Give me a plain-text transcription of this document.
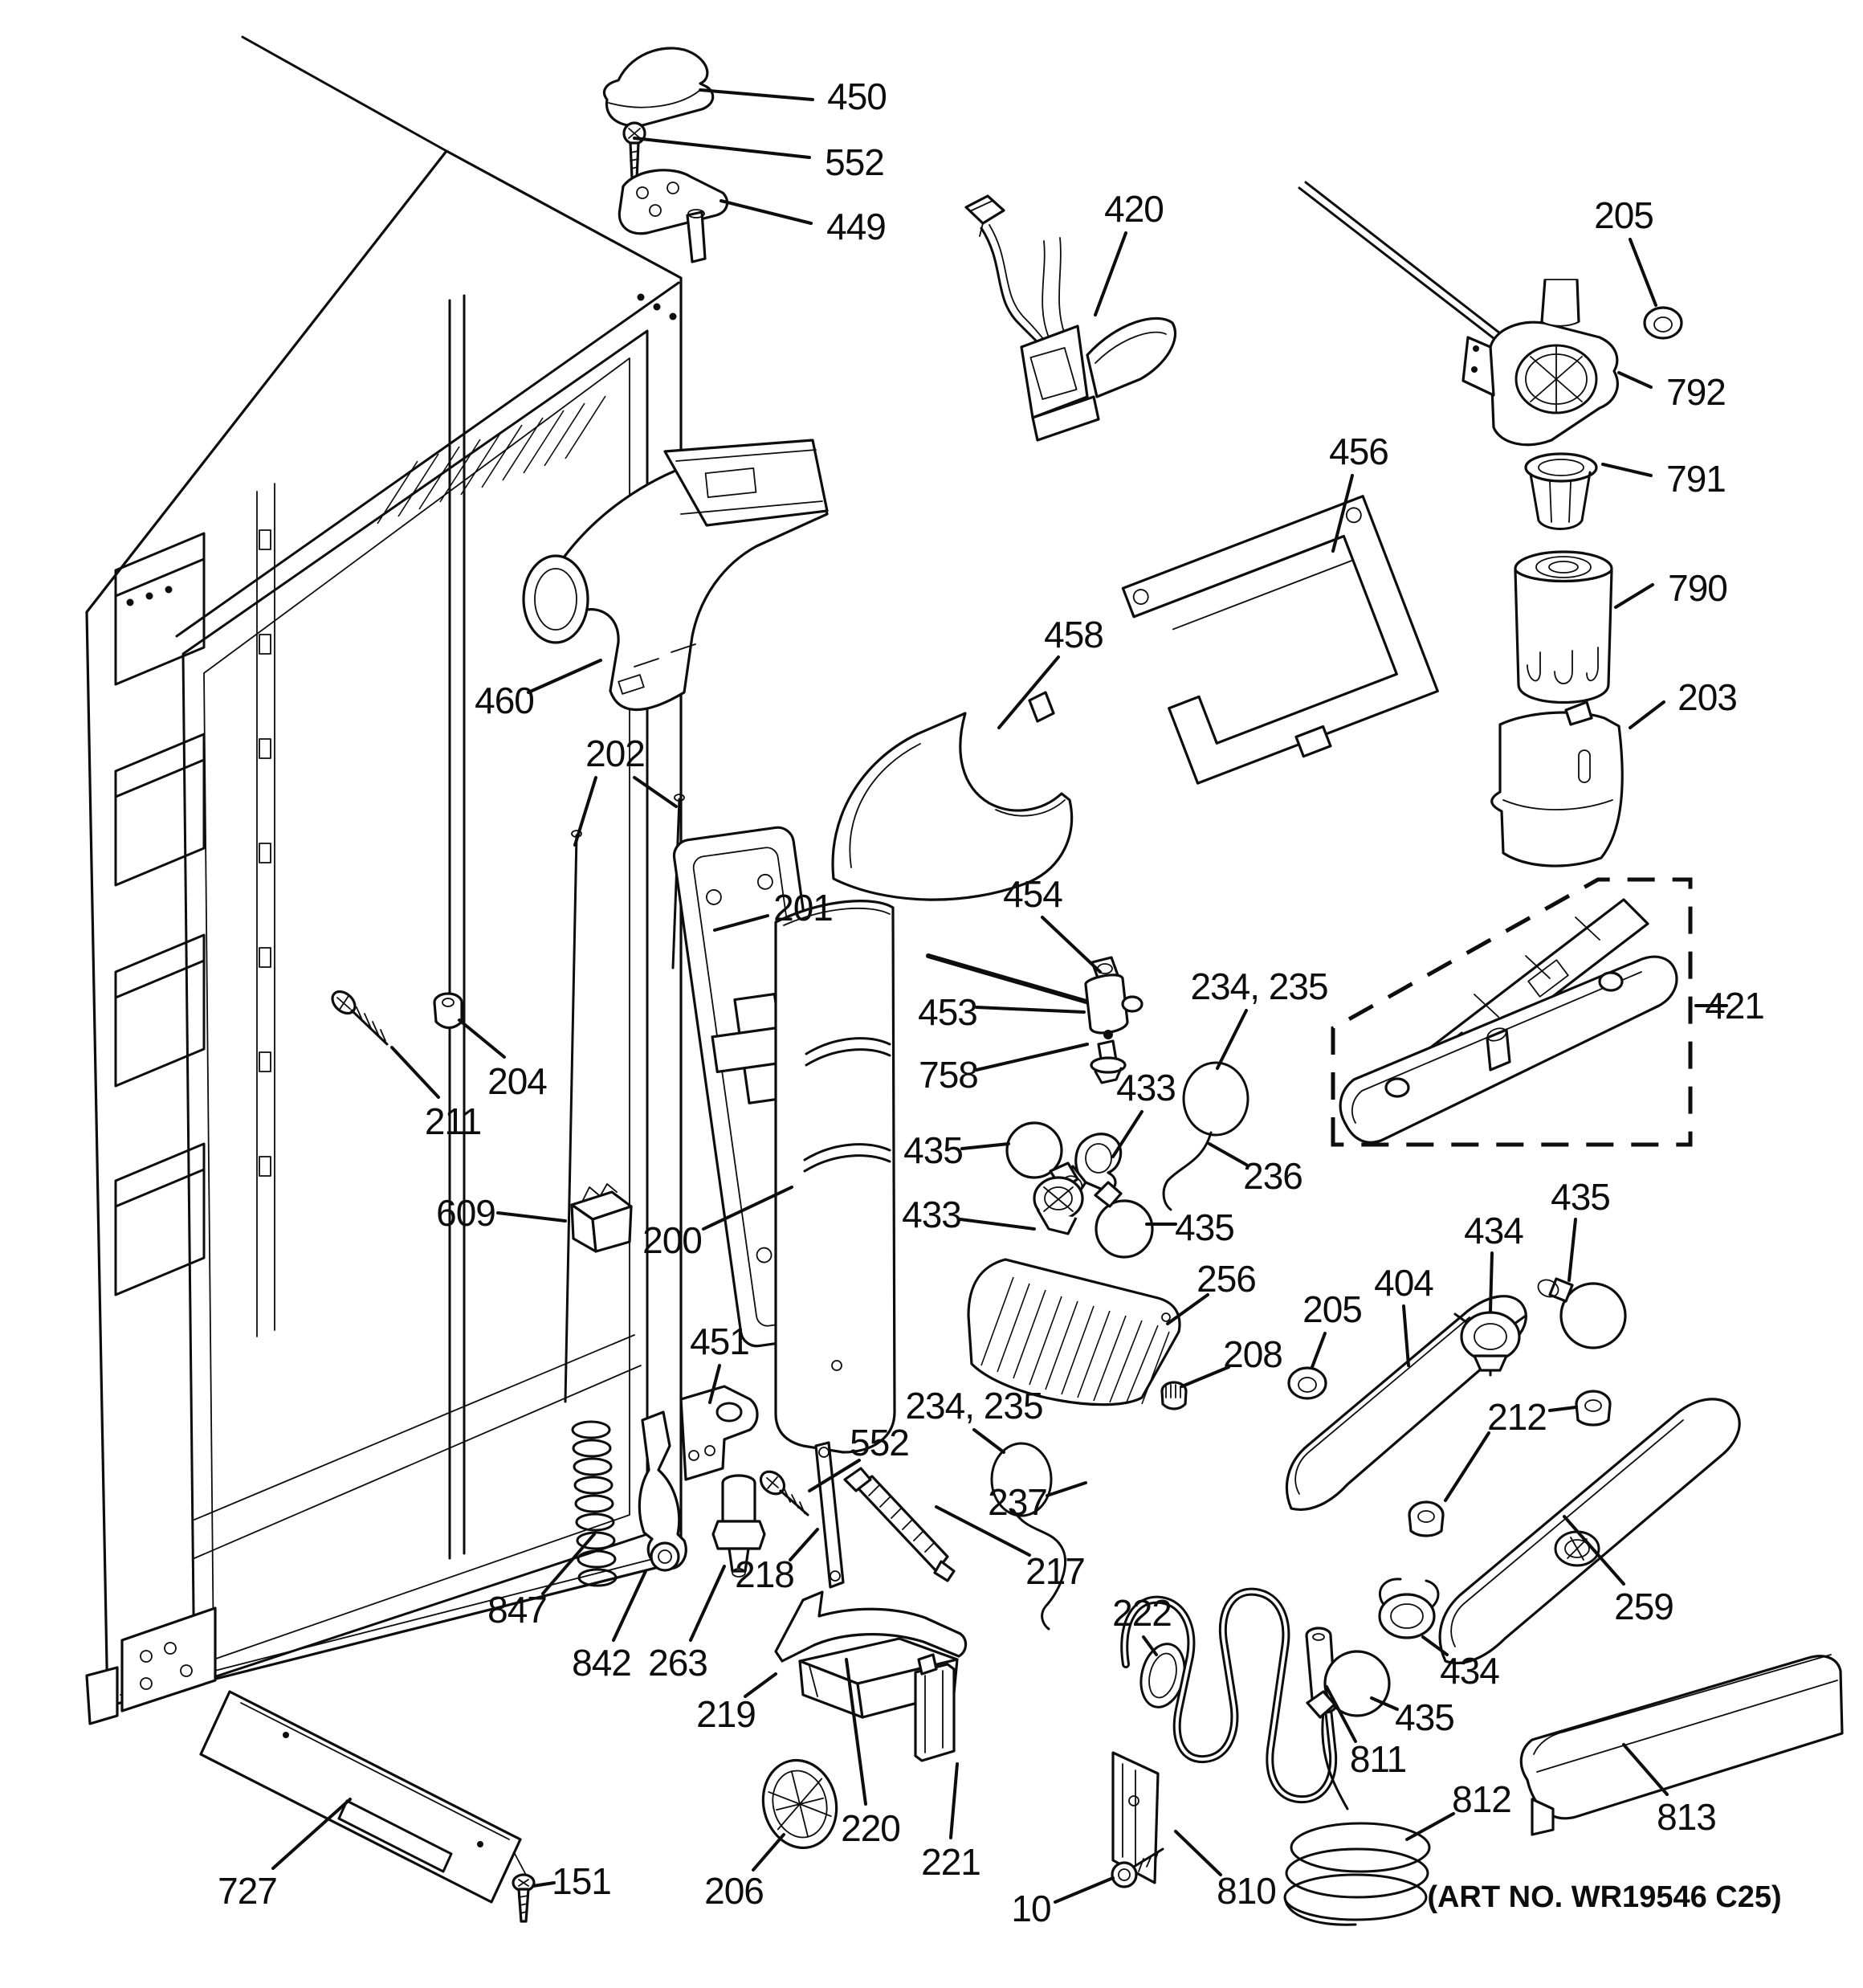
450
552
449	420	205
792
791
456
790
203
460
458
202
201	454
421
453
758	433
234, 235
236
435
433	435
256
208
205
404
434
435
212
259
211
204
609
200
451
552
234, 235
237
218	217
222
847
842 263
219
220
221
206	10	810
811
434
435
812	813
727	151	(ART NO. WR19546 C25)
